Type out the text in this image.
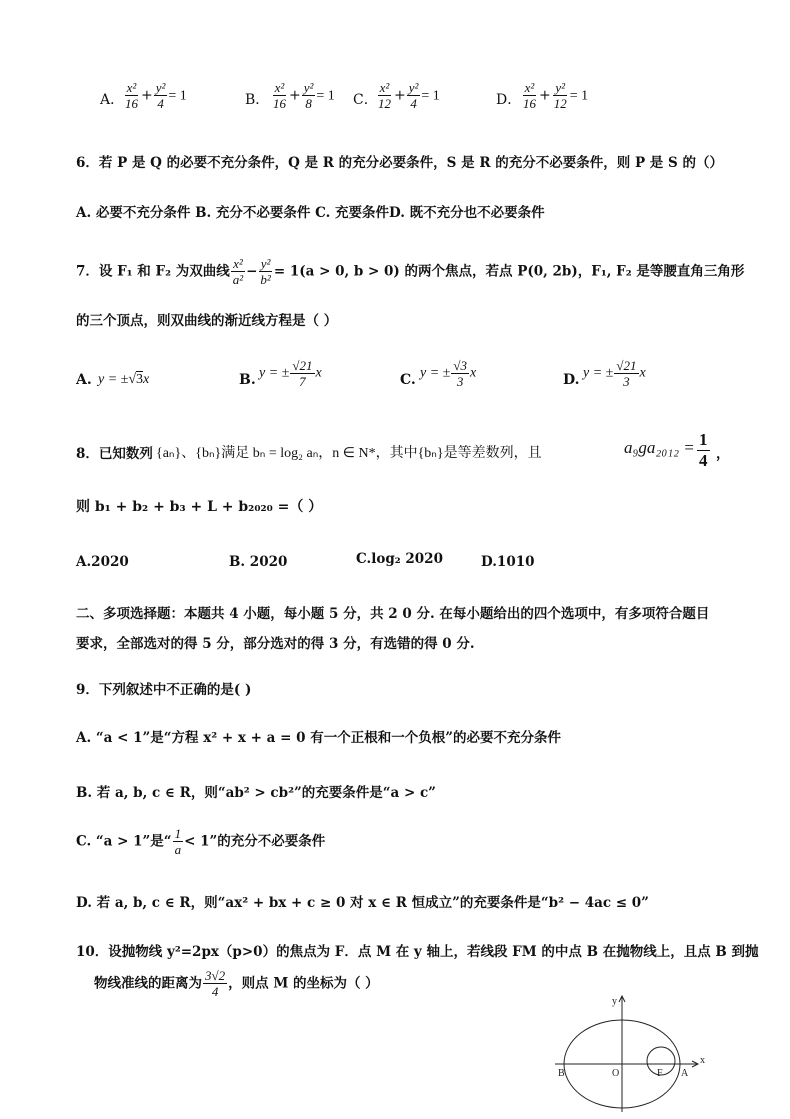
A．
$\frac{\text{x²}}{16} + \frac{\text{y²}}{4} = 1$	B． $\frac{\text{x²}}{16} + \frac{\text{y²}}{8} = 1$ C．
$\frac{\text{x²}}{12} + \frac{\text{y²}}{4} = 1$	D． $\frac{\text{x²}}{16} + \frac{\text{y²}}{12} = 1$
6．若 P 是 Q 的必要不充分条件，Q 是 R 的充分必要条件，S 是 R 的充分不必要条件，则 P 是 S 的（）
A. 必要不充分条件 B. 充分不必要条件 C. 充要条件D. 既不充分也不必要条件
7．设 F₁ 和 F₂ 为双曲线 $\frac{\text{x²}}{\text{a²}} - \frac{\text{y²}}{\text{b²}} = 1(a > 0$, b > 0) 的两个焦点，若点 P(0, 2b)，F₁, F₂ 是等腰直角三角形
的三个顶点，则双曲线的渐近线方程是（ ）
A. y = ±√3x	B. y = ± $\frac{√21}{7}$ x	C. y = ± $\frac{√3}{3}$ x	D. y = ± $\frac{√21}{3}$ x
8．已知数列 {aₙ}、{bₙ}满足 bₙ = log₂ aₙ，n ∈ N*，其中{bₙ}是等差数列，且	$a_9ga_{2012} = \frac{1}{4}$ ，
则 b₁ + b₂ + b₃ + L + b₂₀₂₀ =（ ）
A.2020	B. 2020	C.log₂ 2020	D.1010
二、多项选择题：本题共 4 小题，每小题 5 分，共 2 0 分. 在每小题给出的四个选项中，有多项符合题目
要求，全部选对的得 5 分，部分选对的得 3 分，有选错的得 0 分.
9．下列叙述中不正确的是( )
A. “a < 1”是“方程 x² + x + a = 0 有一个正根和一个负根”的必要不充分条件
B. 若 a, b, c ∈ R，则“ab² > cb²”的充要条件是“a > c”
C. “a > 1”是“ $\frac{1}{a} < 1$”的充分不必要条件
D. 若 a, b, c ∈ R，则“ax² + bx + c ≥ 0 对 x ∈ R 恒成立”的充要条件是“b² − 4ac ≤ 0”
10．设抛物线 y²=2px（p>0）的焦点为 F．点 M 在 y 轴上，若线段 FM 的中点 B 在抛物线上，且点 B 到抛
物线准线的距离为 $\frac{3√2}{4}$ ，则点 M 的坐标为（ ）
y
x
B	O	F A
